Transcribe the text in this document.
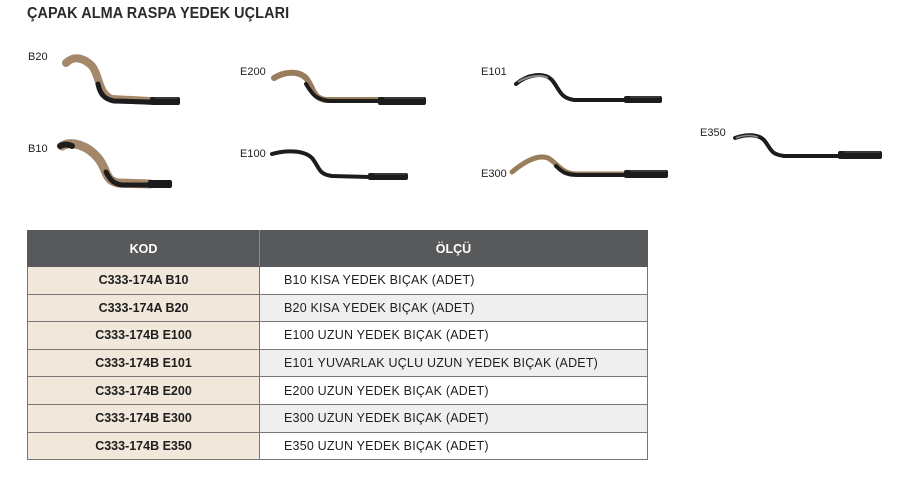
ÇAPAK ALMA RASPA YEDEK UÇLARI
B20
B10
E200
E100
E101
E300
E350
KOD	ÖLÇÜ
C333-174A B10	B10 KISA YEDEK BIÇAK (ADET)
C333-174A B20	B20 KISA YEDEK BIÇAK (ADET)
C333-174B E100	E100 UZUN YEDEK BIÇAK (ADET)
C333-174B E101	E101 YUVARLAK UÇLU UZUN YEDEK BIÇAK (ADET)
C333-174B E200	E200 UZUN YEDEK BIÇAK (ADET)
C333-174B E300	E300 UZUN YEDEK BIÇAK (ADET)
C333-174B E350	E350 UZUN YEDEK BIÇAK (ADET)
